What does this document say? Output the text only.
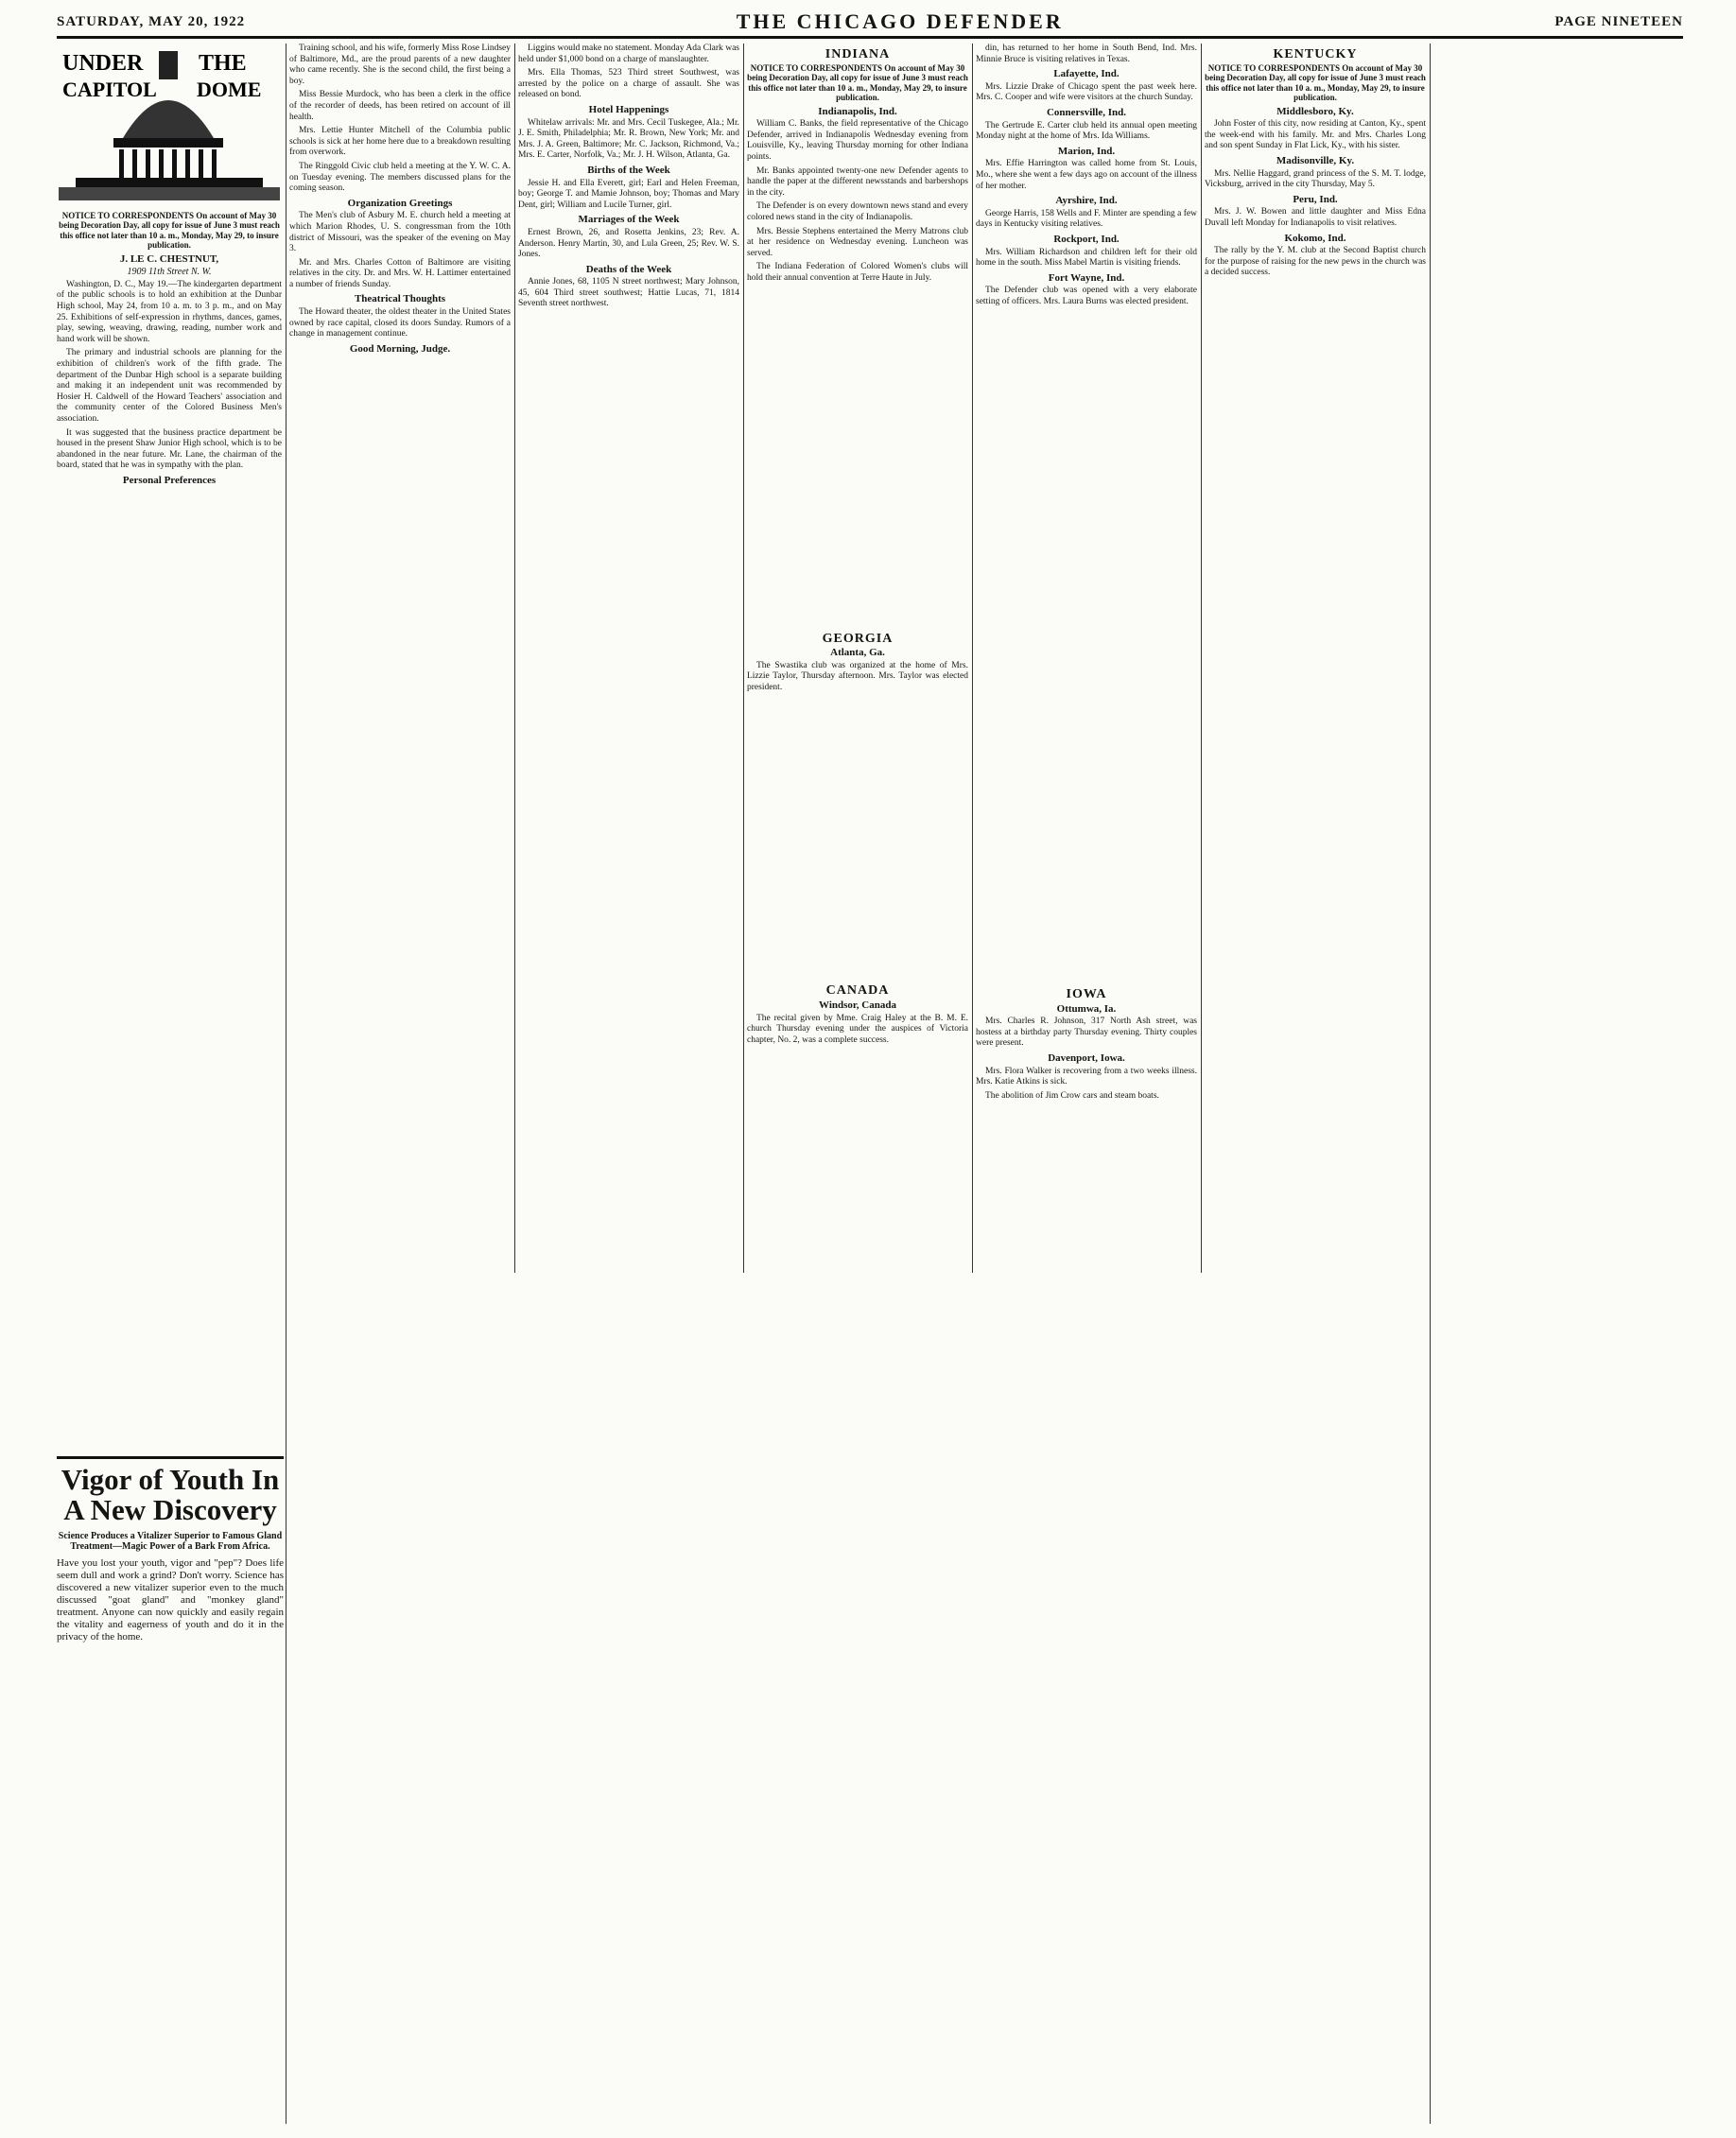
SATURDAY, MAY 20, 1922	THE CHICAGO DEFENDER	PAGE NINETEEN
UNDER THE
CAPITOL DOME
NOTICE TO CORRESPONDENTS On account of May 30 being Decoration Day, all copy for issue of June 3 must reach this office not later than 10 a. m., Monday, May 29, to insure publication.
J. LE C. CHESTNUT,
1909 11th Street N. W.

Washington, D. C., May 19.—The kindergarten department of the public schools is to hold an exhibition at the Dunbar High school, May 24, from 10 a. m. to 3 p. m., and on May 25. Exhibitions of self-expression in rhythms, dances, games, play, sewing, weaving, drawing, reading, number work and hand work will be shown.

The primary and industrial schools are planning for the exhibition of children's work of the fifth grade. The department of the Dunbar High school is a separate building and making it an independent unit was recommended by Hosier H. Caldwell of the Howard Teachers' association and the community center of the Colored Business Men's association.

It was suggested that the business practice department be housed in the present Shaw Junior High school, which is to be abandoned in the near future. Mr. Lane, the chairman of the board, stated that he was in sympathy with the plan.

Personal Preferences
Vigor of Youth In A New Discovery
Science Produces a Vitalizer Superior to Famous Gland Treatment—Magic Power of a Bark From Africa.
Have you lost your youth, vigor and "pep"? Does life seem dull and work a grind? Don't worry. Science has discovered a new vitalizer superior even to the much discussed "goat gland" and "monkey gland" treatment. Anyone can now quickly and easily regain the vitality and eagerness of youth and do it in the privacy of the home.

Training school, and his wife, formerly Miss Rose Lindsey of Baltimore, Md., are the proud parents of a new daughter who came recently. She is the second child, the first being a boy.

Miss Bessie Murdock, who has been a clerk in the office of the recorder of deeds, has been retired on account of ill health.

Mrs. Lettie Hunter Mitchell of the Columbia public schools is sick at her home here due to a breakdown resulting from overwork.

The Ringgold Civic club held a meeting at the Y. W. C. A. on Tuesday evening. The members discussed plans for the coming season.

Organization Greetings

The Men's club of Asbury M. E. church held a meeting at which Marion Rhodes, U. S. congressman from the 10th district of Missouri, was the speaker of the evening on May 3.

Mr. and Mrs. Charles Cotton of Baltimore are visiting relatives in the city. Dr. and Mrs. W. H. Lattimer entertained a number of friends Sunday.

Theatrical Thoughts

The Howard theater, the oldest theater in the United States owned by race capital, closed its doors Sunday. Rumors of a change in management continue.

Good Morning, Judge.

Liggins would make no statement. Monday Ada Clark was held under $1,000 bond on a charge of manslaughter.

Mrs. Ella Thomas, 523 Third street Southwest, was arrested by the police on a charge of assault. She was released on bond.

Hotel Happenings

Whitelaw arrivals: Mr. and Mrs. Cecil Tuskegee, Ala.; Mr. J. E. Smith, Philadelphia; Mr. R. Brown, New York; Mr. and Mrs. J. A. Green, Baltimore; Mr. C. Jackson, Richmond, Va.; Mrs. E. Carter, Norfolk, Va.; Mr. J. H. Wilson, Atlanta, Ga.

Births of the Week

Jessie H. and Ella Everett, girl; Earl and Helen Freeman, boy; George T. and Mamie Johnson, boy; Thomas and Mary Dent, girl; William and Lucile Turner, girl.

Marriages of the Week

Ernest Brown, 26, and Rosetta Jenkins, 23; Rev. A. Anderson. Henry Martin, 30, and Lula Green, 25; Rev. W. S. Jones.

Deaths of the Week

Annie Jones, 68, 1105 N street northwest; Mary Johnson, 45, 604 Third street southwest; Hattie Lucas, 71, 1814 Seventh street northwest.

INDIANA
NOTICE TO CORRESPONDENTS On account of May 30 being Decoration Day, all copy for issue of June 3 must reach this office not later than 10 a. m., Monday, May 29, to insure publication.
Indianapolis, Ind.

William C. Banks, the field representative of the Chicago Defender, arrived in Indianapolis Wednesday evening from Louisville, Ky., leaving Thursday morning for other Indiana points.

Mr. Banks appointed twenty-one new Defender agents to handle the paper at the different newsstands and barbershops in the city.

The Defender is on every downtown news stand and every colored news stand in the city of Indianapolis.

Mrs. Bessie Stephens entertained the Merry Matrons club at her residence on Wednesday evening. Luncheon was served.

The Indiana Federation of Colored Women's clubs will hold their annual convention at Terre Haute in July.

GEORGIA
Atlanta, Ga.

The Swastika club was organized at the home of Mrs. Lizzie Taylor, Thursday afternoon. Mrs. Taylor was elected president.

CANADA
Windsor, Canada

The recital given by Mme. Craig Haley at the B. M. E. church Thursday evening under the auspices of Victoria chapter, No. 2, was a complete success.

din, has returned to her home in South Bend, Ind. Mrs. Minnie Bruce is visiting relatives in Texas.

Lafayette, Ind.

Mrs. Lizzie Drake of Chicago spent the past week here. Mrs. C. Cooper and wife were visitors at the church Sunday.

Connersville, Ind.

The Gertrude E. Carter club held its annual open meeting Monday night at the home of Mrs. Ida Williams.

Marion, Ind.

Mrs. Effie Harrington was called home from St. Louis, Mo., where she went a few days ago on account of the illness of her mother.

Ayrshire, Ind.

George Harris, 158 Wells and F. Minter are spending a few days in Kentucky visiting relatives.

Rockport, Ind.

Mrs. William Richardson and children left for their old home in the south. Miss Mabel Martin is visiting friends.

Fort Wayne, Ind.

The Defender club was opened with a very elaborate setting of officers. Mrs. Laura Burns was elected president.

KENTUCKY
NOTICE TO CORRESPONDENTS On account of May 30 being Decoration Day, all copy for issue of June 3 must reach this office not later than 10 a. m., Monday, May 29, to insure publication.
Middlesboro, Ky.

John Foster of this city, now residing at Canton, Ky., spent the week-end with his family. Mr. and Mrs. Charles Long and son spent Sunday in Flat Lick, Ky., with his sister.

Madisonville, Ky.

Mrs. Nellie Haggard, grand princess of the S. M. T. lodge, Vicksburg, arrived in the city Thursday, May 5.

Peru, Ind.

Mrs. J. W. Bowen and little daughter and Miss Edna Duvall left Monday for Indianapolis to visit relatives.

Kokomo, Ind.

The rally by the Y. M. club at the Second Baptist church for the purpose of raising for the new pews in the church was a decided success.

IOWA
Ottumwa, Ia.

Mrs. Charles R. Johnson, 317 North Ash street, was hostess at a birthday party Thursday evening. Thirty couples were present.

Davenport, Iowa.

Mrs. Flora Walker is recovering from a two weeks illness. Mrs. Katie Atkins is sick.

The abolition of Jim Crow cars and steam boats.
